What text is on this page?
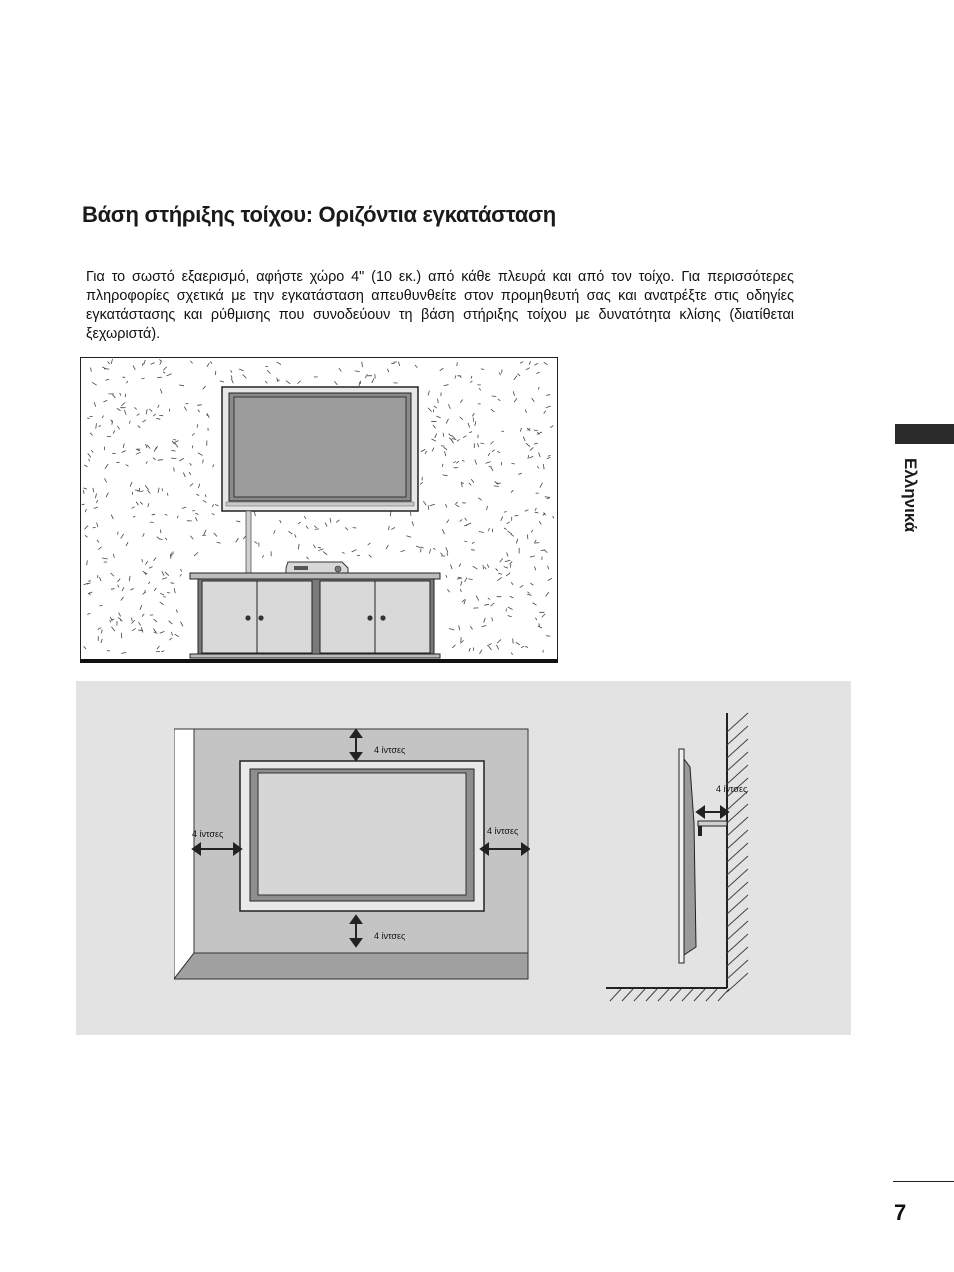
Βάση στήριξης τοίχου: Οριζόντια εγκατάσταση

Για το σωστό εξαερισμό, αφήστε χώρο 4" (10 εκ.) από κάθε πλευρά και από τον τοίχο. Για περισσότερες πληροφορίες σχετικά με την εγκατάσταση απευθυνθείτε στον προμηθευτή σας και ανατρέξτε στις οδηγίες εγκατάστασης και ρύθμισης που συνοδεύουν τη βάση στήριξης τοίχου με δυνατότητα κλίσης (διατίθεται ξεχωριστά).

Ελληνικά
4 ίντσες
4 ίντσες
4 ίντσες	4 ίντσες
4 ίντσες
7
